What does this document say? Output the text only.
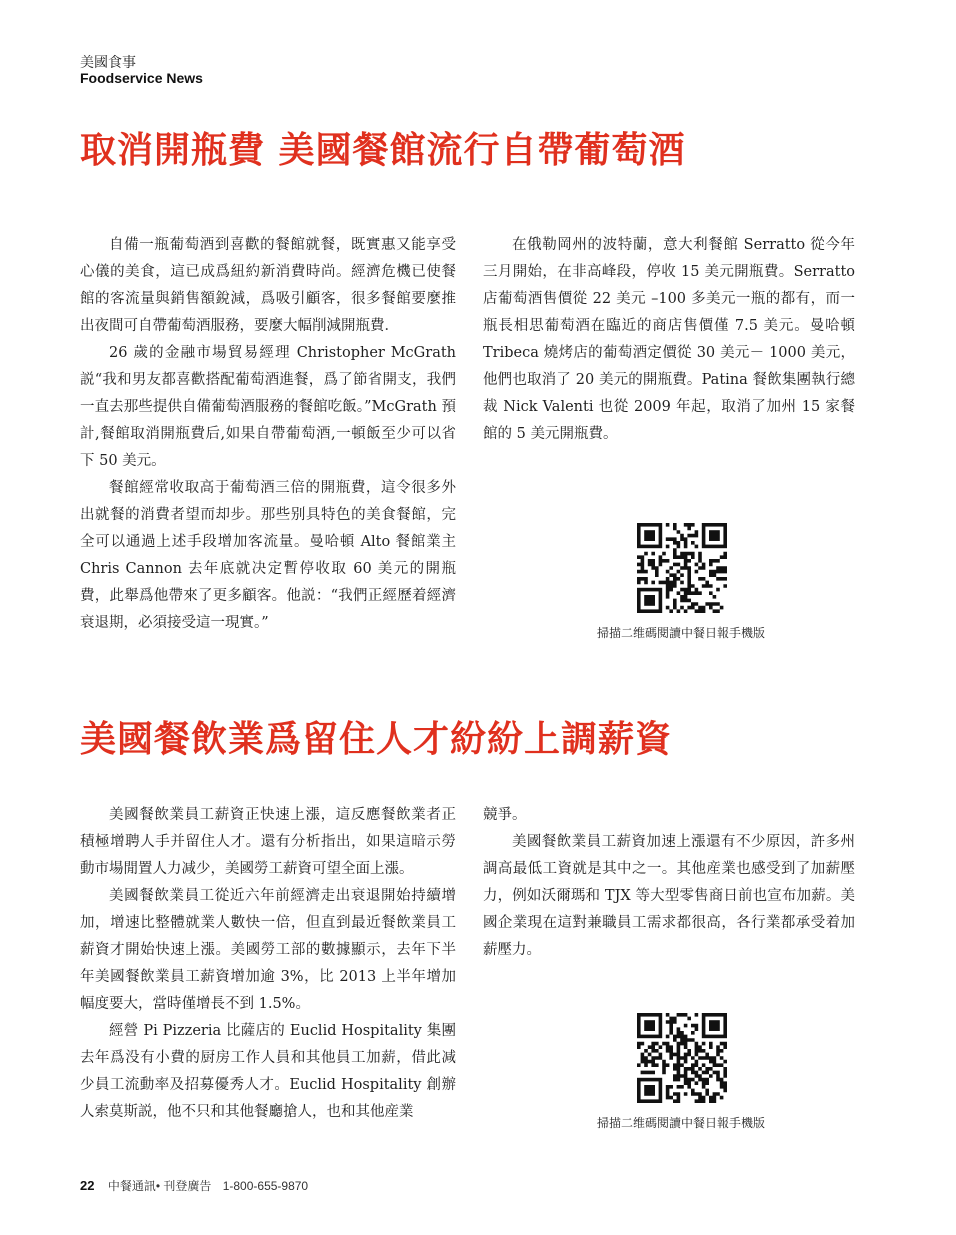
美國食事
Foodservice News
取消開瓶費 美國餐館流行自帶葡萄酒

自備一瓶葡萄酒到喜歡的餐館就餐，既實惠又能享受心儀的美食，這已成爲紐約新消費時尚。經濟危機已使餐館的客流量與銷售額銳減，爲吸引顧客，很多餐館要麼推出夜間可自帶葡萄酒服務，要麼大幅削減開瓶費．

26 歲的金融市場貿易經理 Christopher McGrath 説“我和男友都喜歡搭配葡萄酒進餐，爲了節省開支，我們一直去那些提供自備葡萄酒服務的餐館吃飯。”McGrath 預計,餐館取消開瓶費后,如果自帶葡萄酒,一頓飯至少可以省下 50 美元。

餐館經常收取高于葡萄酒三倍的開瓶費，這令很多外出就餐的消費者望而却步。那些别具特色的美食餐館，完全可以通過上述手段增加客流量。曼哈頓 Alto 餐館業主 Chris Cannon 去年底就决定暫停收取 60 美元的開瓶費，此舉爲他帶來了更多顧客。他説：“我們正經歷着經濟衰退期，必須接受這一現實。”

在俄勒岡州的波特蘭，意大利餐館 Serratto 從今年三月開始，在非高峰段，停收 15 美元開瓶費。Serratto 店葡萄酒售價從 22 美元 –100 多美元一瓶的都有，而一瓶長相思葡萄酒在臨近的商店售價僅 7.5 美元。曼哈頓 Tribeca 燒烤店的葡萄酒定價從 30 美元－ 1000 美元，他們也取消了 20 美元的開瓶費。Patina 餐飲集團執行總裁 Nick Valenti 也從 2009 年起，取消了加州 15 家餐館的 5 美元開瓶費。

掃描二维碼閱讀中餐日報手機版
美國餐飲業爲留住人才紛紛上調薪資

美國餐飲業員工薪資正快速上漲，這反應餐飲業者正積極增聘人手并留住人才。還有分析指出，如果這暗示勞動市場閒置人力减少，美國勞工薪資可望全面上漲。

美國餐飲業員工從近六年前經濟走出衰退開始持續增加，增速比整體就業人數快一倍，但直到最近餐飲業員工薪資才開始快速上漲。美國勞工部的數據顯示，去年下半年美國餐飲業員工薪資增加逾 3%，比 2013 上半年增加幅度要大，當時僅增長不到 1.5%。

經營 Pi Pizzeria 比薩店的 Euclid Hospitality 集團去年爲没有小費的厨房工作人員和其他員工加薪，借此减少員工流動率及招募優秀人才。Euclid Hospitality 創辦人索莫斯説，他不只和其他餐廳搶人，也和其他産業

競爭。

美國餐飲業員工薪資加速上漲還有不少原因，許多州調高最低工資就是其中之一。其他産業也感受到了加薪壓力，例如沃爾瑪和 TJX 等大型零售商日前也宣布加薪。美國企業現在這對兼職員工需求都很高，各行業都承受着加薪壓力。

掃描二维碼閱讀中餐日報手機版
22 中餐通訊• 刊登廣告 1-800-655-9870
